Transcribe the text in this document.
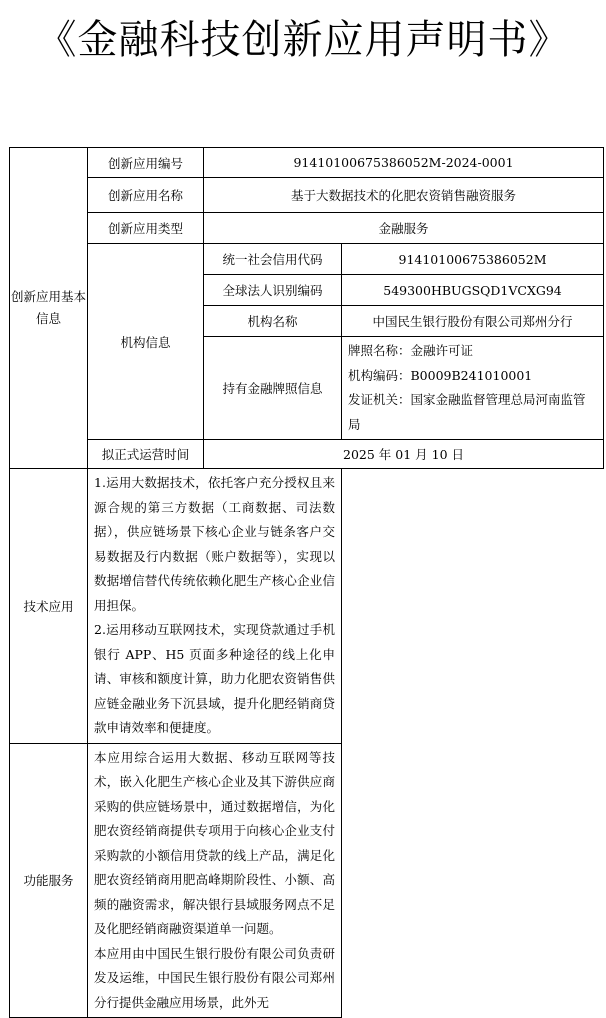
《金融科技创新应用声明书》
创新应用基本信息	创新应用编号	91410100675386052M-2024-0001	
	创新应用名称	基于大数据技术的化肥农资销售融资服务	
	创新应用类型	金融服务	
	机构信息	统一社会信用代码	91410100675386052M
		全球法人识别编码	549300HBUGSQD1VCXG94
		机构名称	中国民生银行股份有限公司郑州分行
		持有金融牌照信息	牌照名称：金融许可证
机构编码：B0009B241010001
发证机关：国家金融监督管理总局河南监管局

	拟正式运营时间	2025 年 01 月 10 日	
技术应用	1.运用大数据技术，依托客户充分授权且来源合规的第三方数据（工商数据、司法数据），供应链场景下核心企业与链条客户交易数据及行内数据（账户数据等），实现以数据增信替代传统依赖化肥生产核心企业信用担保。
2.运用移动互联网技术，实现贷款通过手机银行 APP、H5 页面多种途径的线上化申请、审核和额度计算，助力化肥农资销售供应链金融业务下沉县域，提升化肥经销商贷款申请效率和便捷度。		

功能服务	本应用综合运用大数据、移动互联网等技术，嵌入化肥生产核心企业及其下游供应商采购的供应链场景中，通过数据增信，为化肥农资经销商提供专项用于向核心企业支付采购款的小额信用贷款的线上产品，满足化肥农资经销商用肥高峰期阶段性、小额、高频的融资需求，解决银行县域服务网点不足及化肥经销商融资渠道单一问题。
本应用由中国民生银行股份有限公司负责研发及运维，中国民生银行股份有限公司郑州分行提供金融应用场景，此外无		
